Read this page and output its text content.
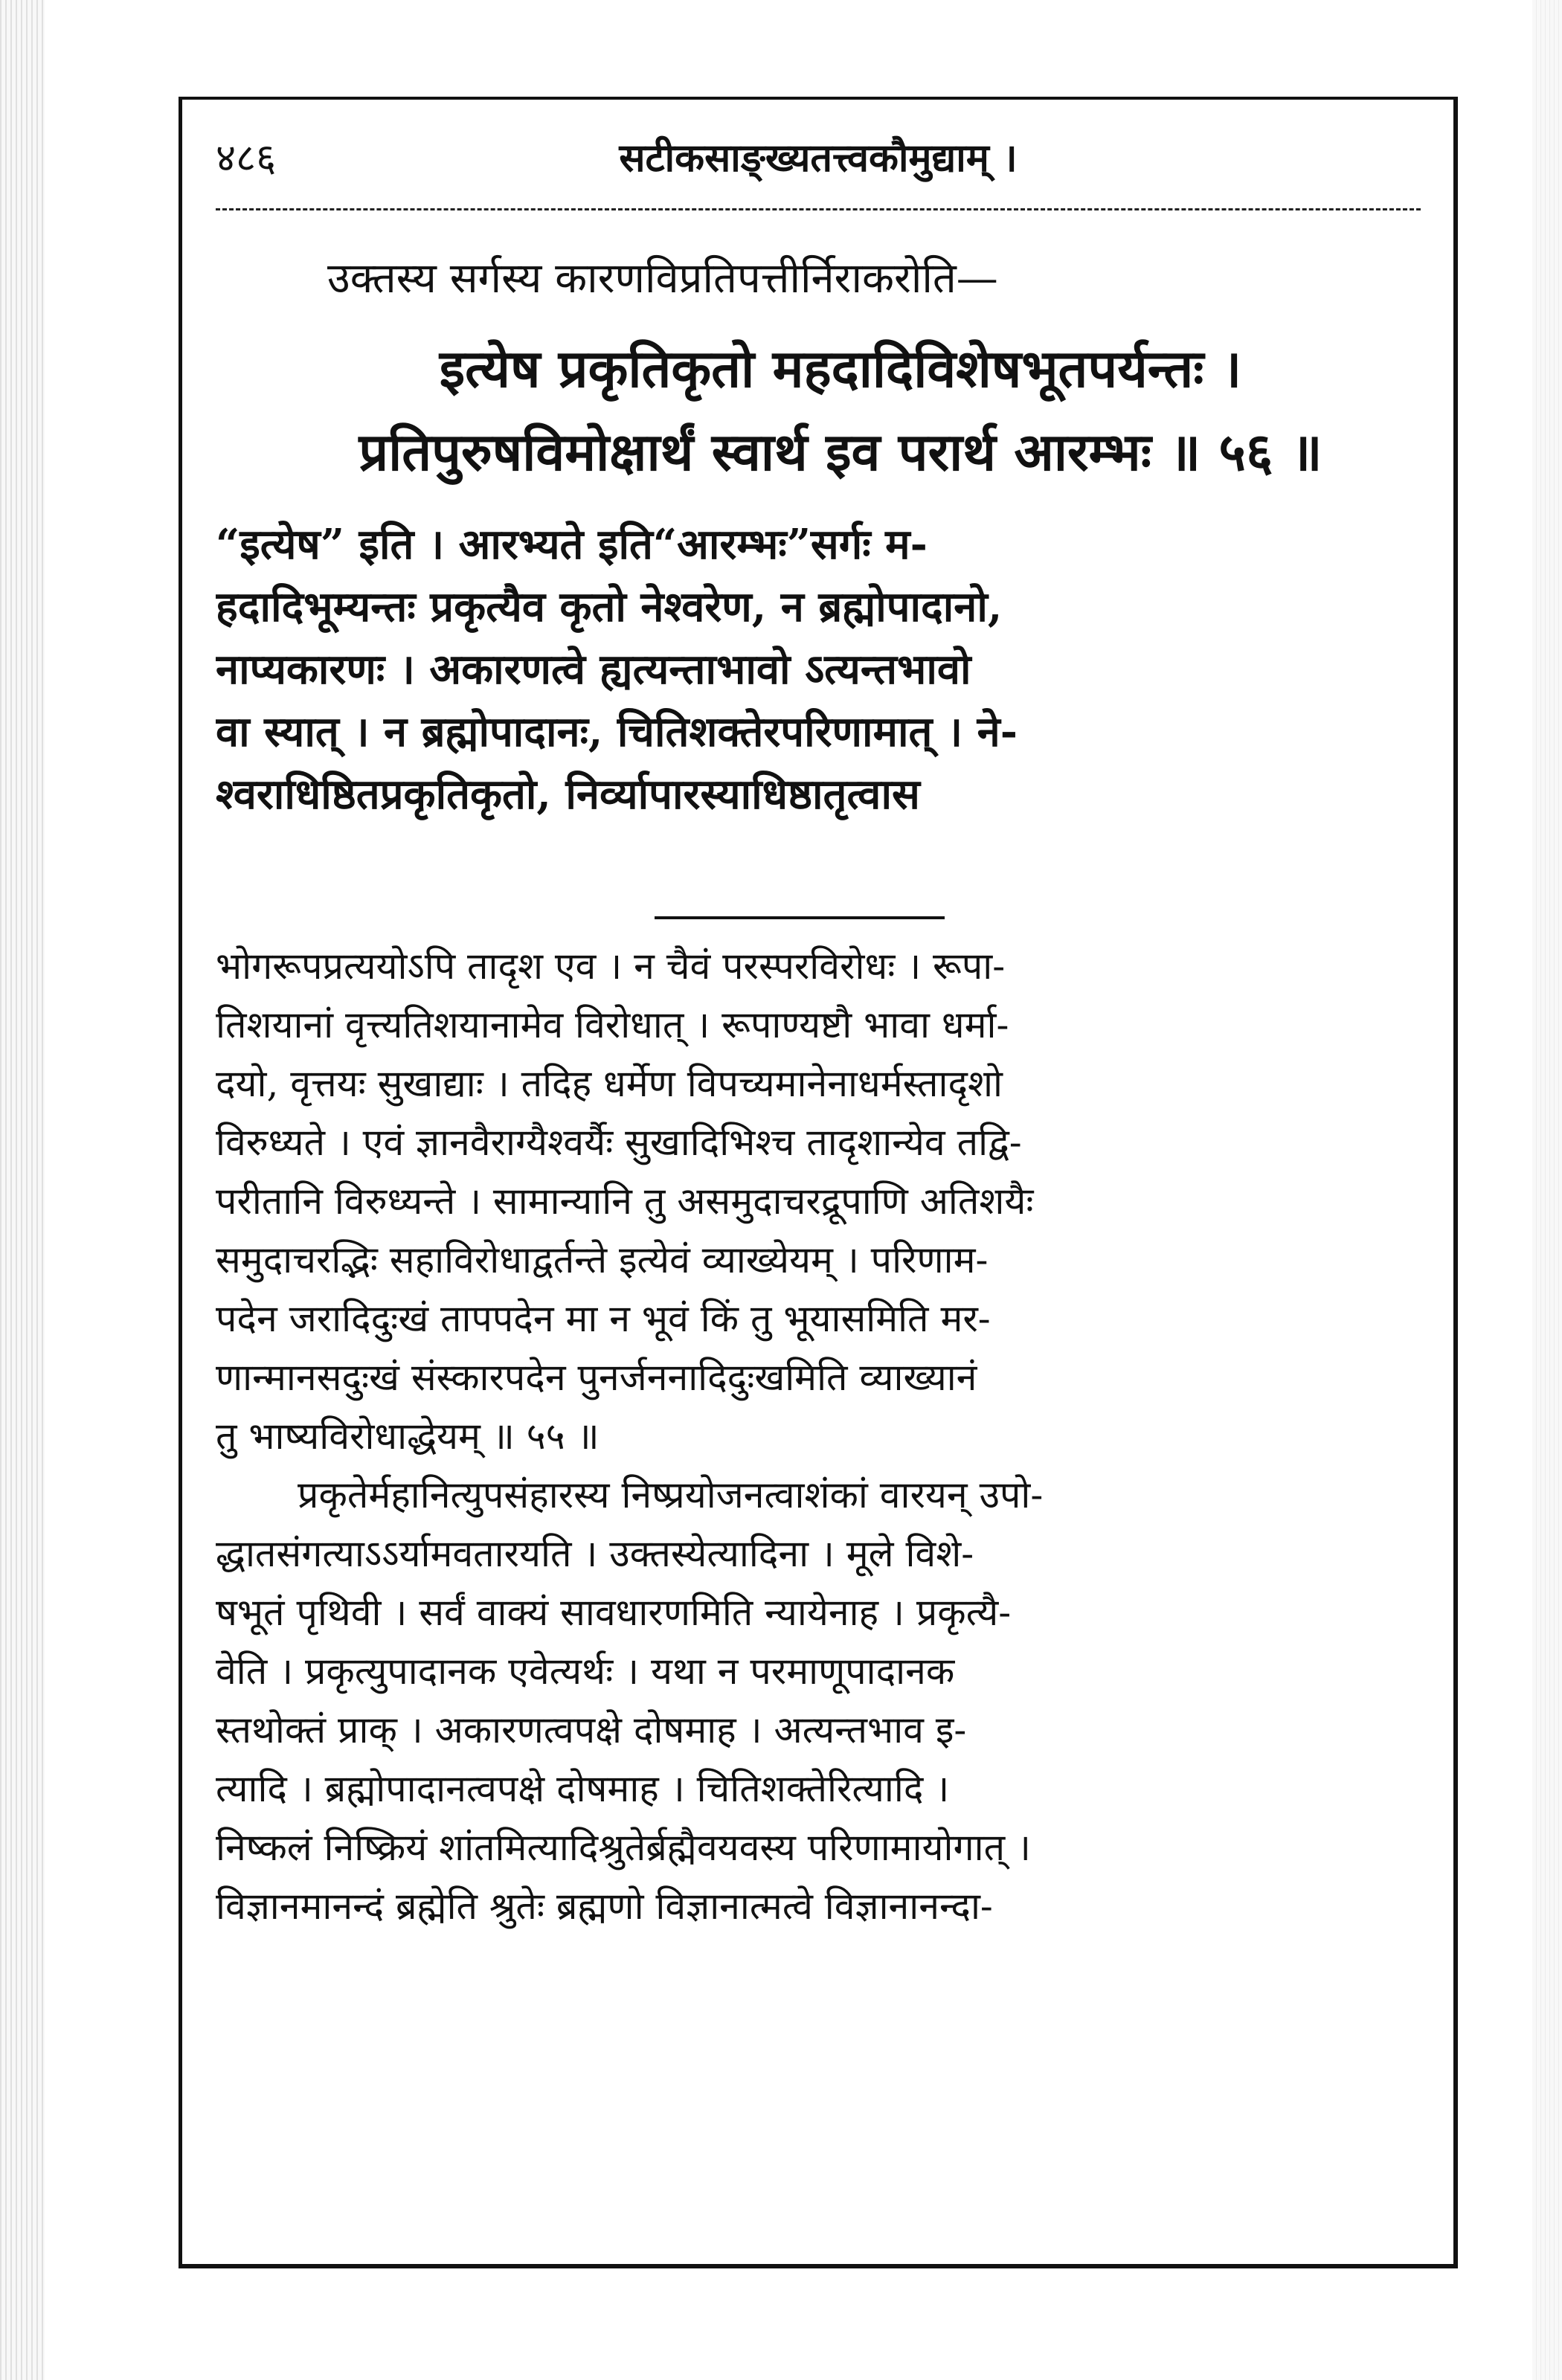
४८६	सटीकसाङ्ख्यतत्त्वकौमुद्याम् ।
उक्तस्य सर्गस्य कारणविप्रतिपत्तीर्निराकरोति—
इत्येष प्रकृतिकृतो महदादिविशेषभूतपर्यन्तः ।
प्रतिपुरुषविमोक्षार्थं स्वार्थ इव परार्थ आरम्भः ॥ ५६ ॥
“इत्येष” इति । आरभ्यते इति“आरम्भः”सर्गः म-
हदादिभूम्यन्तः प्रकृत्यैव कृतो नेश्वरेण, न ब्रह्मोपादानो,
नाप्यकारणः । अकारणत्वे ह्यत्यन्ताभावो ऽत्यन्तभावो
वा स्यात् । न ब्रह्मोपादानः, चितिशक्तेरपरिणामात् । ने-
श्वराधिष्ठितप्रकृतिकृतो, निर्व्यापारस्याधिष्ठातृत्वास
भोगरूपप्रत्ययोऽपि तादृश एव । न चैवं परस्परविरोधः । रूपा-
तिशयानां वृत्त्यतिशयानामेव विरोधात् । रूपाण्यष्टौ भावा धर्मा-
दयो, वृत्तयः सुखाद्याः । तदिह धर्मेण विपच्यमानेनाधर्मस्तादृशो
विरुध्यते । एवं ज्ञानवैराग्यैश्वर्यैः सुखादिभिश्च तादृशान्येव तद्वि-
परीतानि विरुध्यन्ते । सामान्यानि तु असमुदाचरद्रूपाणि अतिशयैः
समुदाचरद्भिः सहाविरोधाद्वर्तन्ते इत्येवं व्याख्येयम् । परिणाम-
पदेन जरादिदुःखं तापपदेन मा न भूवं किं तु भूयासमिति मर-
णान्मानसदुःखं संस्कारपदेन पुनर्जननादिदुःखमिति व्याख्यानं
तु भाष्यविरोधाद्धेयम् ॥ ५५ ॥
प्रकृतेर्महानित्युपसंहारस्य निष्प्रयोजनत्वाशंकां वारयन् उपो-
द्धातसंगत्याऽऽर्यामवतारयति । उक्तस्येत्यादिना । मूले विशे-
षभूतं पृथिवी । सर्वं वाक्यं सावधारणमिति न्यायेनाह । प्रकृत्यै-
वेति । प्रकृत्युपादानक एवेत्यर्थः । यथा न परमाणूपादानक
स्तथोक्तं प्राक् । अकारणत्वपक्षे दोषमाह । अत्यन्तभाव इ-
त्यादि । ब्रह्मोपादानत्वपक्षे दोषमाह । चितिशक्तेरित्यादि ।
निष्कलं निष्क्रियं शांतमित्यादिश्रुतेर्ब्रह्मैवयवस्य परिणामायोगात् ।
विज्ञानमानन्दं ब्रह्मेति श्रुतेः ब्रह्मणो विज्ञानात्मत्वे विज्ञानानन्दा-
